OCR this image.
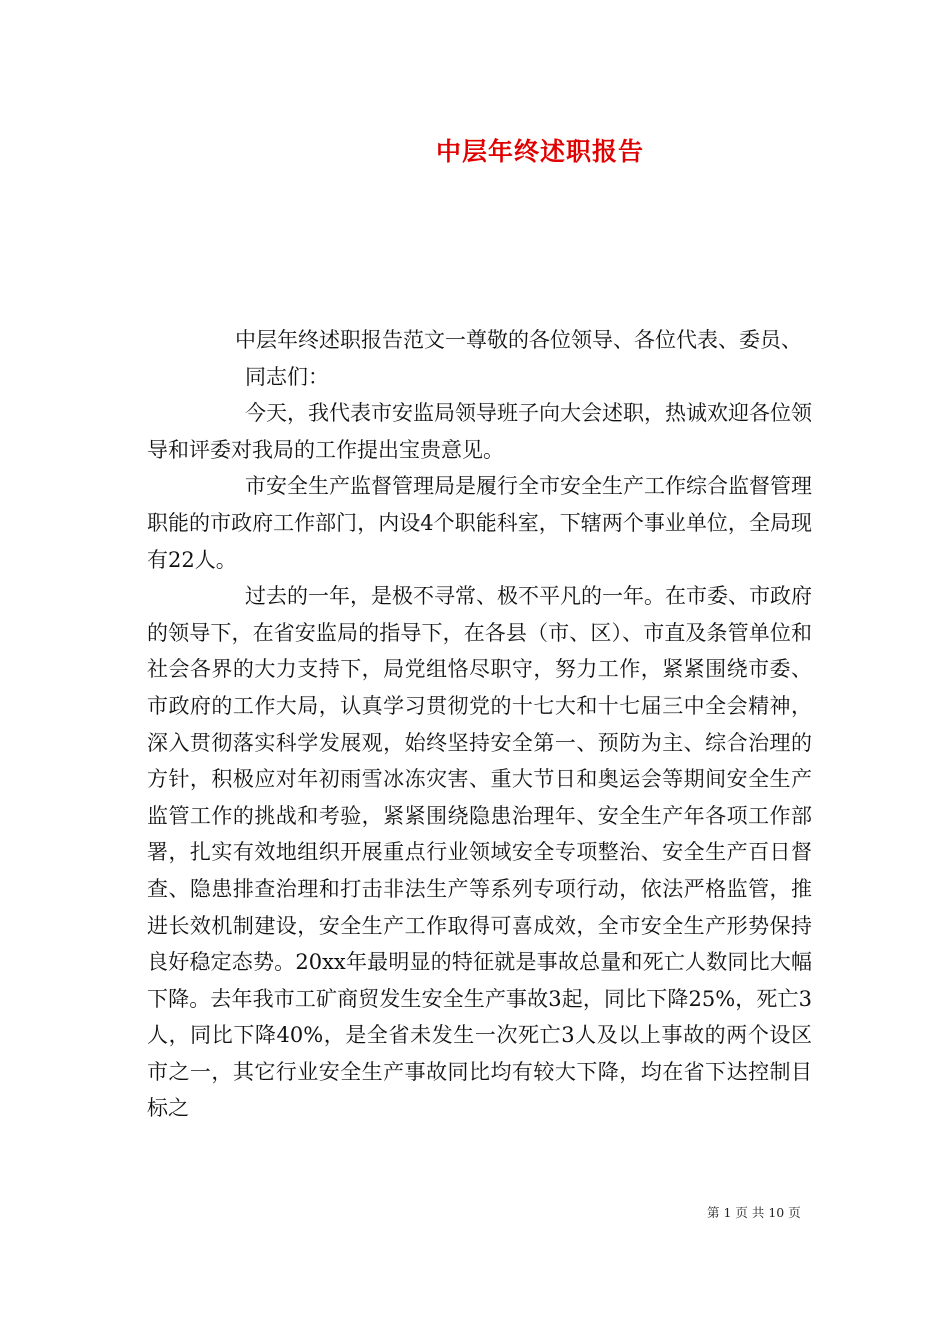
中层年终述职报告

中层年终述职报告范文一尊敬的各位领导、各位代表、委员、

同志们：

今天，我代表市安监局领导班子向大会述职，热诚欢迎各位领导和评委对我局的工作提出宝贵意见。

市安全生产监督管理局是履行全市安全生产工作综合监督管理职能的市政府工作部门，内设4个职能科室，下辖两个事业单位，全局现有22人。

过去的一年，是极不寻常、极不平凡的一年。在市委、市政府的领导下，在省安监局的指导下，在各县（市、区）、市直及条管单位和社会各界的大力支持下，局党组恪尽职守，努力工作，紧紧围绕市委、市政府的工作大局，认真学习贯彻党的十七大和十七届三中全会精神，深入贯彻落实科学发展观，始终坚持安全第一、预防为主、综合治理的方针，积极应对年初雨雪冰冻灾害、重大节日和奥运会等期间安全生产监管工作的挑战和考验，紧紧围绕隐患治理年、安全生产年各项工作部署，扎实有效地组织开展重点行业领域安全专项整治、安全生产百日督查、隐患排查治理和打击非法生产等系列专项行动，依法严格监管，推进长效机制建设，安全生产工作取得可喜成效，全市安全生产形势保持良好稳定态势。20xx年最明显的特征就是事故总量和死亡人数同比大幅下降。去年我市工矿商贸发生安全生产事故3起，同比下降25%，死亡3人，同比下降40%，是全省未发生一次死亡3人及以上事故的两个设区市之一，其它行业安全生产事故同比均有较大下降，均在省下达控制目标之

第 1 页 共 10 页
